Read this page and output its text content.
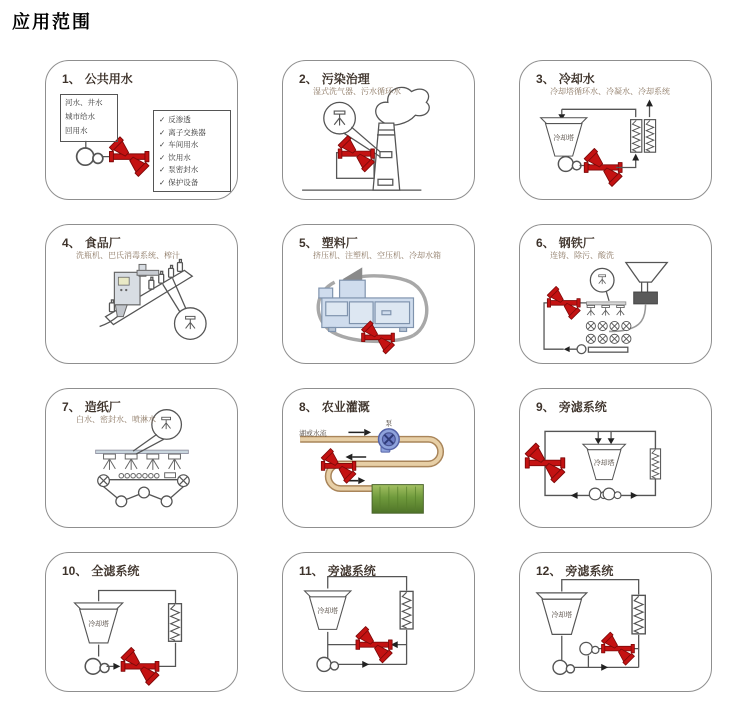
应用范围
1、 公共用水
河水、井水
城市给水
回用水
✓ 反渗透
✓ 离子交换器
✓ 车间用水
✓ 饮用水
✓ 泵密封水
✓ 保护设备
2、 污染治理
湿式洗气器、污水循环水
3、 冷却水
冷却塔循环水、冷凝水、冷却系统
冷却塔
4、 食品厂
洗瓶机、巴氏消毒系统、榨汁
5、 塑料厂
挤压机、注塑机、空压机、冷却水箱
6、 钢铁厂
连铸、除污、酸洗
7、 造纸厂
白水、密封水、喷淋水
8、 农业灌溉
湖或水流
泵
9、 旁滤系统
冷却塔
10、 全滤系统
冷却塔
11、 旁滤系统
冷却塔
12、 旁滤系统
冷却塔
